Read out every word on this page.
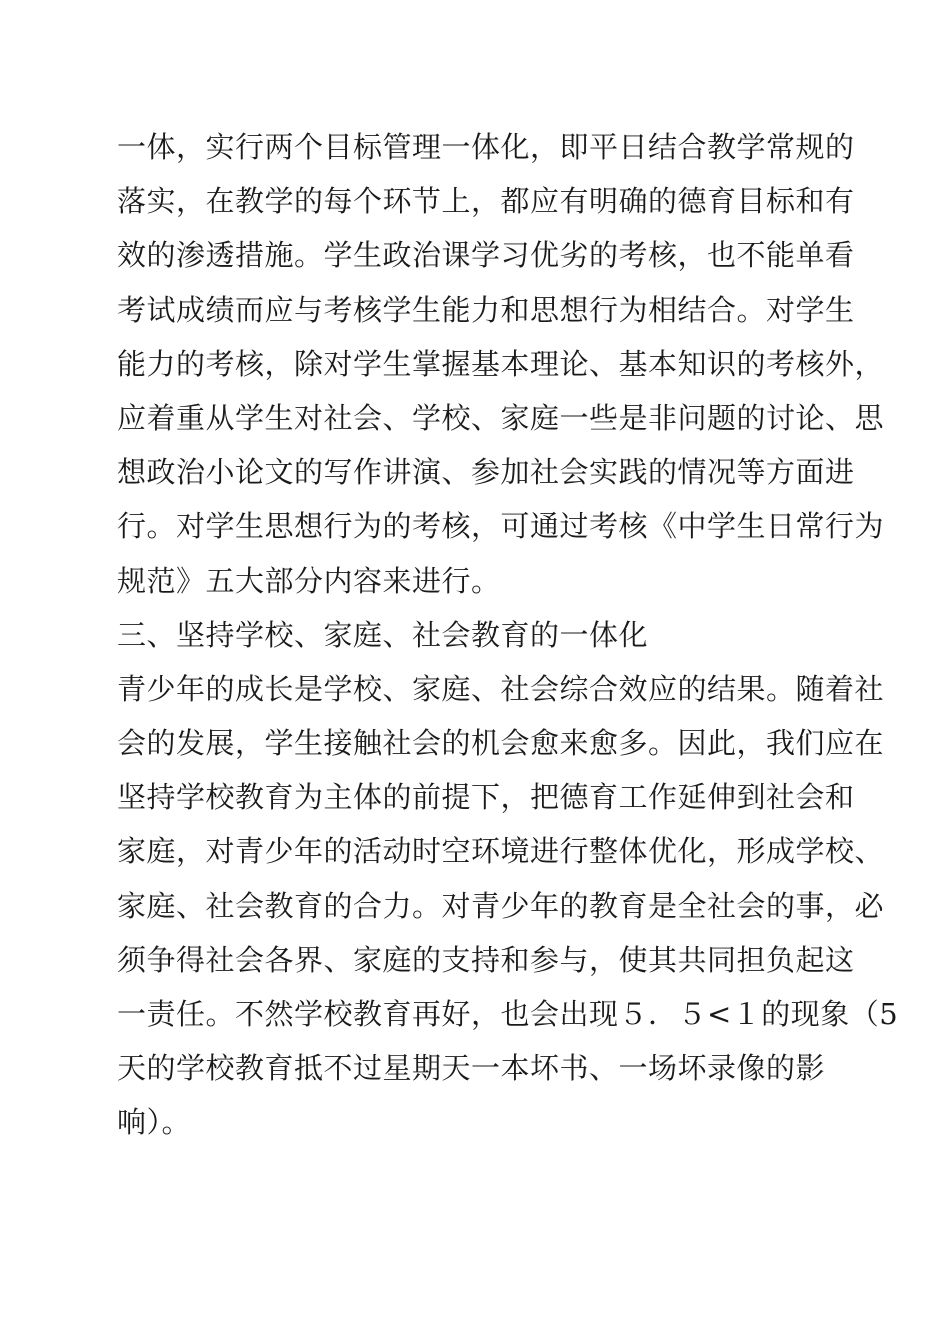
一体，实行两个目标管理一体化，即平日结合教学常规的
落实，在教学的每个环节上，都应有明确的德育目标和有
效的渗透措施。学生政治课学习优劣的考核，也不能单看
考试成绩而应与考核学生能力和思想行为相结合。对学生
能力的考核，除对学生掌握基本理论、基本知识的考核外，
应着重从学生对社会、学校、家庭一些是非问题的讨论、思
想政治小论文的写作讲演、参加社会实践的情况等方面进
行。对学生思想行为的考核，可通过考核《中学生日常行为
规范》五大部分内容来进行。
三、坚持学校、家庭、社会教育的一体化
青少年的成长是学校、家庭、社会综合效应的结果。随着社
会的发展，学生接触社会的机会愈来愈多。因此，我们应在
坚持学校教育为主体的前提下，把德育工作延伸到社会和
家庭，对青少年的活动时空环境进行整体优化，形成学校、
家庭、社会教育的合力。对青少年的教育是全社会的事，必
须争得社会各界、家庭的支持和参与，使其共同担负起这
一责任。不然学校教育再好，也会出现５．５<１的现象（5
天的学校教育抵不过星期天一本坏书、一场坏录像的影
响）。
